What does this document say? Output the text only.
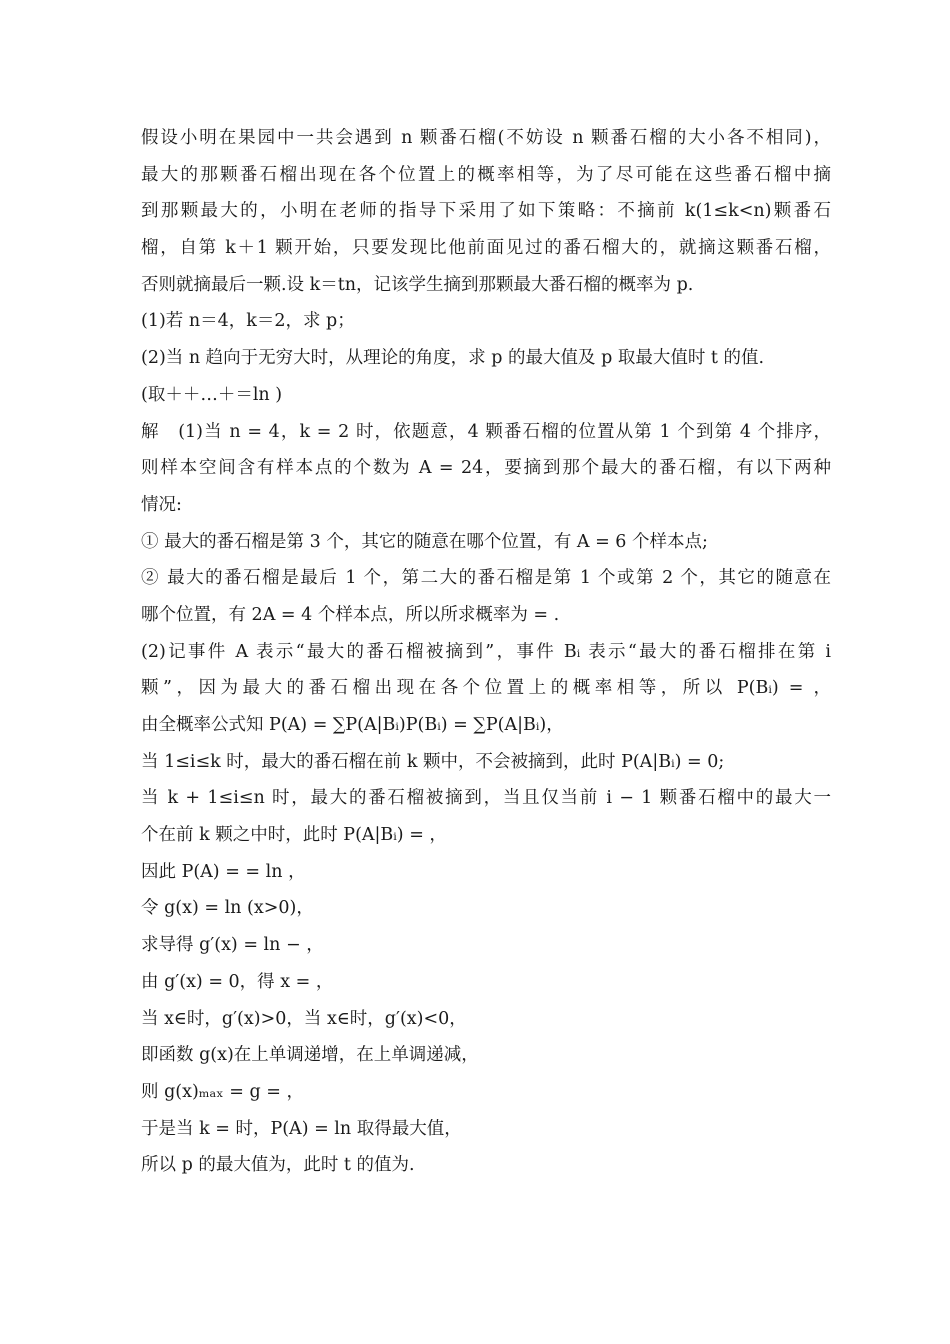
假设小明在果园中一共会遇到 n 颗番石榴(不妨设 n 颗番石榴的大小各不相同)，
最大的那颗番石榴出现在各个位置上的概率相等，为了尽可能在这些番石榴中摘
到那颗最大的，小明在老师的指导下采用了如下策略：不摘前 k(1≤k<n)颗番石
榴，自第 k＋1 颗开始，只要发现比他前面见过的番石榴大的，就摘这颗番石榴，
否则就摘最后一颗.设 k＝tn，记该学生摘到那颗最大番石榴的概率为 p.
(1)若 n＝4，k＝2，求 p；
(2)当 n 趋向于无穷大时，从理论的角度，求 p 的最大值及 p 取最大值时 t 的值.
(取＋＋…＋＝ln )
解　(1)当 n = 4，k = 2 时，依题意，4 颗番石榴的位置从第 1 个到第 4 个排序，
则样本空间含有样本点的个数为 A = 24，要摘到那个最大的番石榴，有以下两种
情况:
① 最大的番石榴是第 3 个，其它的随意在哪个位置，有 A = 6 个样本点;
② 最大的番石榴是最后 1 个，第二大的番石榴是第 1 个或第 2 个，其它的随意在
哪个位置，有 2A = 4 个样本点，所以所求概率为 = .
(2)记事件 A 表示“最大的番石榴被摘到”，事件 Bᵢ 表示“最大的番石榴排在第 i
颗”，因为最大的番石榴出现在各个位置上的概率相等，所以 P(Bᵢ) = ，
由全概率公式知 P(A) = ∑P(A|Bᵢ)P(Bᵢ) = ∑P(A|Bᵢ)，
当 1≤i≤k 时，最大的番石榴在前 k 颗中，不会被摘到，此时 P(A|Bᵢ) = 0;
当 k + 1≤i≤n 时，最大的番石榴被摘到，当且仅当前 i − 1 颗番石榴中的最大一
个在前 k 颗之中时，此时 P(A|Bᵢ) = ，
因此 P(A) = = ln ，
令 g(x) = ln (x>0)，
求导得 g′(x) = ln − ，
由 g′(x) = 0，得 x = ，
当 x∈时，g′(x)>0，当 x∈时，g′(x)<0，
即函数 g(x)在上单调递增，在上单调递减，
则 g(x)ₘₐₓ = g = ，
于是当 k = 时，P(A) = ln 取得最大值，
所以 p 的最大值为，此时 t 的值为.
